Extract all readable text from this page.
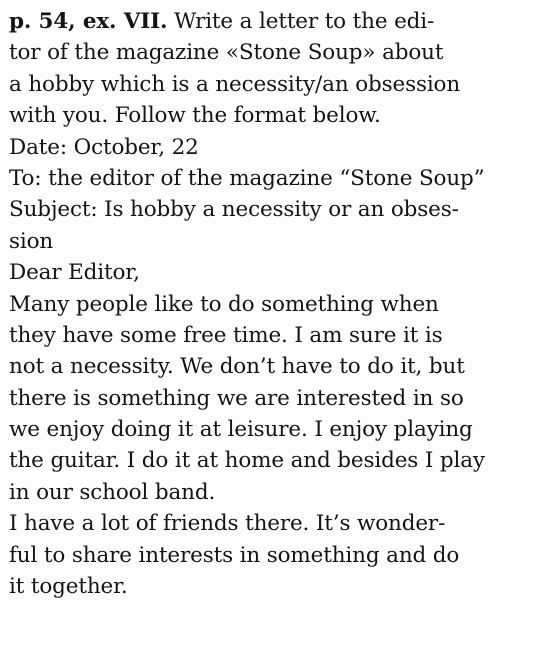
p. 54, ex. VII. Write a letter to the edi-
tor of the magazine «Stone Soup» about
a hobby which is a necessity/an obsession
with you. Follow the format below.
Date: October, 22
To: the editor of the magazine “Stone Soup”
Subject: Is hobby a necessity or an obses-
sion
Dear Editor,
Many people like to do something when
they have some free time. I am sure it is
not a necessity. We don’t have to do it, but
there is something we are interested in so
we enjoy doing it at leisure. I enjoy playing
the guitar. I do it at home and besides I play
in our school band.
I have a lot of friends there. It’s wonder-
ful to share interests in something and do
it together.
